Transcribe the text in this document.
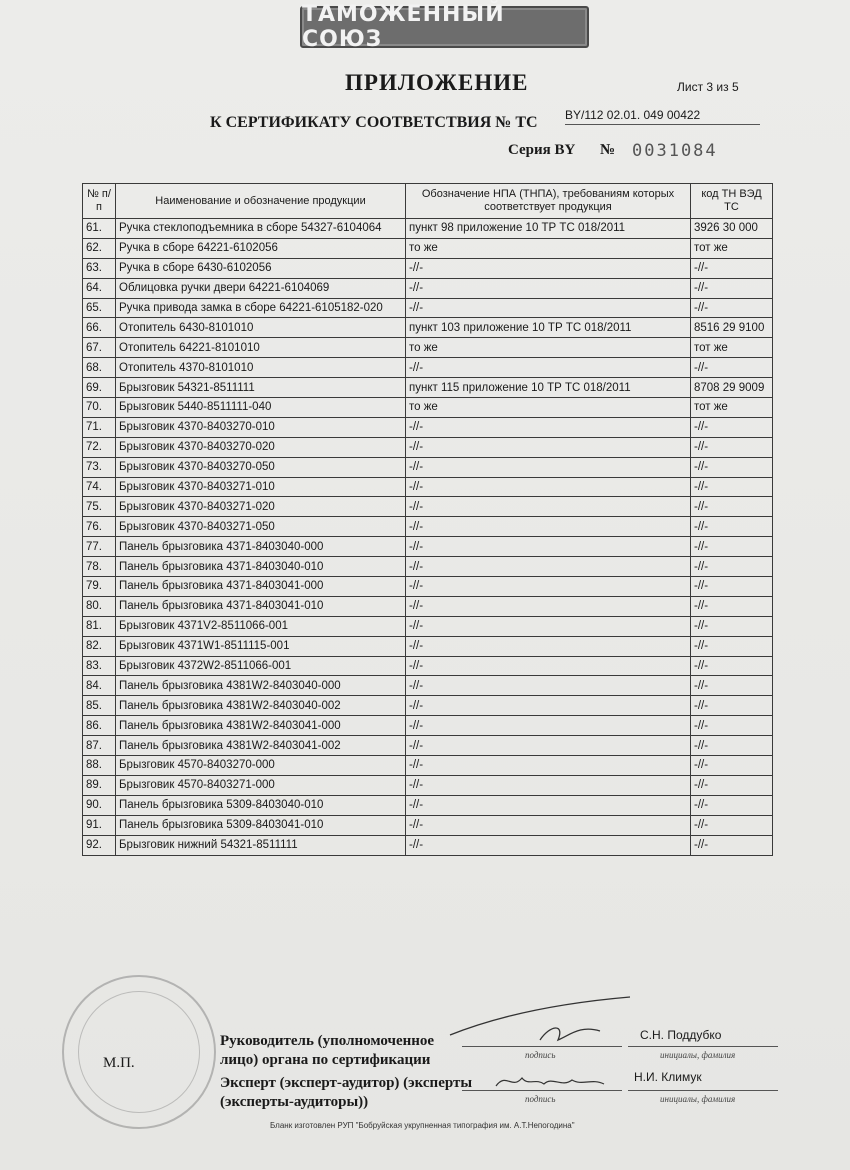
ТАМОЖЕННЫЙ СОЮЗ
ПРИЛОЖЕНИЕ	Лист 3 из 5
К СЕРТИФИКАТУ СООТВЕТСТВИЯ № ТС BY/112 02.01. 049 00422
Серия BY № 0031084
№ п/п	Наименование и обозначение продукции	Обозначение НПА (ТНПА), требованиям которых соответствует продукция	код ТН ВЭД ТС
61.	Ручка стеклоподъемника в сборе 54327-6104064	пункт 98 приложение 10 ТР ТС 018/2011	3926 30 000
62.	Ручка в сборе 64221-6102056	то же	тот же
63.	Ручка в сборе 6430-6102056	-//-	-//-
64.	Облицовка ручки двери 64221-6104069	-//-	-//-
65.	Ручка привода замка в сборе 64221-6105182-020	-//-	-//-
66.	Отопитель 6430-8101010	пункт 103 приложение 10 ТР ТС 018/2011	8516 29 9100
67.	Отопитель 64221-8101010	то же	тот же
68.	Отопитель 4370-8101010	-//-	-//-
69.	Брызговик 54321-8511111	пункт 115 приложение 10 ТР ТС 018/2011	8708 29 9009
70.	Брызговик 5440-8511111-040	то же	тот же
71.	Брызговик 4370-8403270-010	-//-	-//-
72.	Брызговик 4370-8403270-020	-//-	-//-
73.	Брызговик 4370-8403270-050	-//-	-//-
74.	Брызговик 4370-8403271-010	-//-	-//-
75.	Брызговик 4370-8403271-020	-//-	-//-
76.	Брызговик 4370-8403271-050	-//-	-//-
77.	Панель брызговика 4371-8403040-000	-//-	-//-
78.	Панель брызговика 4371-8403040-010	-//-	-//-
79.	Панель брызговика 4371-8403041-000	-//-	-//-
80.	Панель брызговика 4371-8403041-010	-//-	-//-
81.	Брызговик 4371V2-8511066-001	-//-	-//-
82.	Брызговик 4371W1-8511115-001	-//-	-//-
83.	Брызговик 4372W2-8511066-001	-//-	-//-
84.	Панель брызговика 4381W2-8403040-000	-//-	-//-
85.	Панель брызговика 4381W2-8403040-002	-//-	-//-
86.	Панель брызговика 4381W2-8403041-000	-//-	-//-
87.	Панель брызговика 4381W2-8403041-002	-//-	-//-
88.	Брызговик 4570-8403270-000	-//-	-//-
89.	Брызговик 4570-8403271-000	-//-	-//-
90.	Панель брызговика 5309-8403040-010	-//-	-//-
91.	Панель брызговика 5309-8403041-010	-//-	-//-
92.	Брызговик нижний 54321-8511111	-//-	-//-
М.П.
Руководитель (уполномоченное лицо) органа по сертификации	подпись
С.Н. Поддубко
инициалы, фамилия
Эксперт (эксперт-аудитор) (эксперты (эксперты-аудиторы))	подпись
Н.И. Климук
инициалы, фамилия
Бланк изготовлен РУП "Бобруйская укрупненная типография им. А.Т.Непогодина"
